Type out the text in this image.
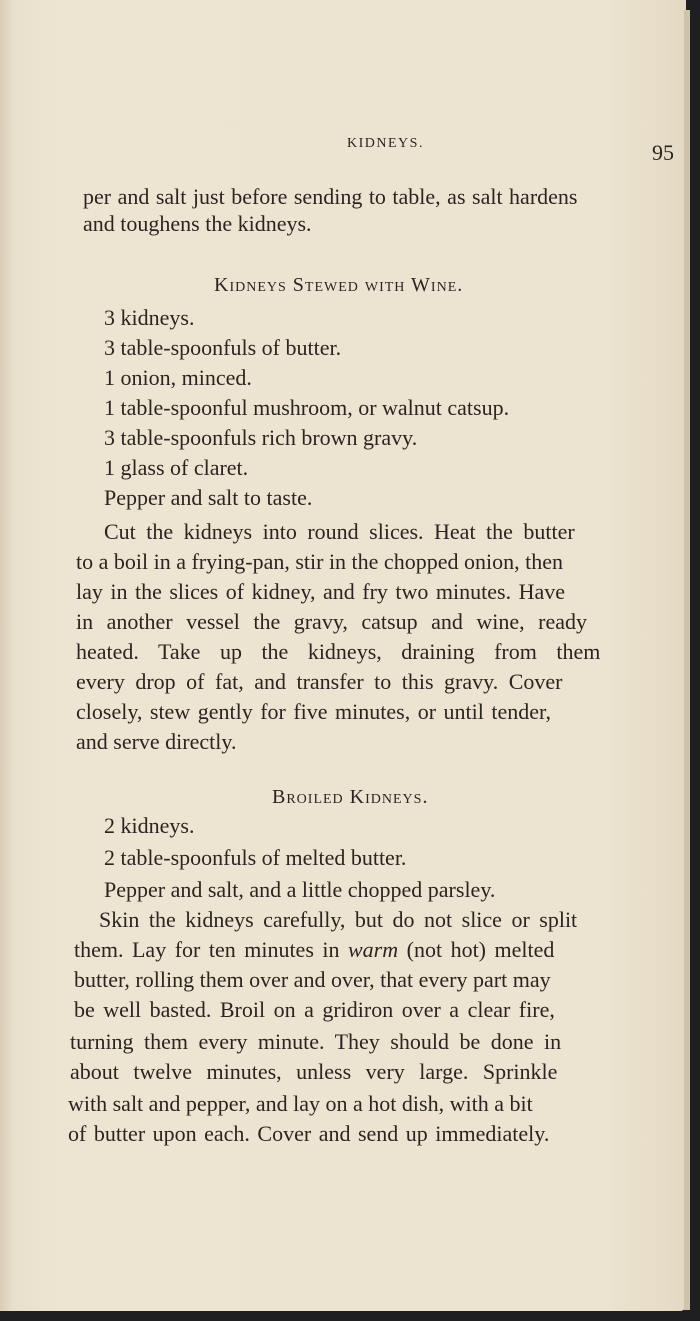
KIDNEYS.	95
per and salt just before sending to table, as salt hardens
and toughens the kidneys.
Kidneys Stewed with Wine.
3 kidneys.
3 table-spoonfuls of butter.
1 onion, minced.
1 table-spoonful mushroom, or walnut catsup.
3 table-spoonfuls rich brown gravy.
1 glass of claret.
Pepper and salt to taste.
Cut the kidneys into round slices. Heat the butter
to a boil in a frying-pan, stir in the chopped onion, then
lay in the slices of kidney, and fry two minutes. Have
in another vessel the gravy, catsup and wine, ready
heated. Take up the kidneys, draining from them
every drop of fat, and transfer to this gravy. Cover
closely, stew gently for five minutes, or until tender,
and serve directly.
Broiled Kidneys.
2 kidneys.
2 table-spoonfuls of melted butter.
Pepper and salt, and a little chopped parsley.
Skin the kidneys carefully, but do not slice or split
them. Lay for ten minutes in warm (not hot) melted
butter, rolling them over and over, that every part may
be well basted. Broil on a gridiron over a clear fire,
turning them every minute. They should be done in
about twelve minutes, unless very large. Sprinkle
with salt and pepper, and lay on a hot dish, with a bit
of butter upon each. Cover and send up immediately.
